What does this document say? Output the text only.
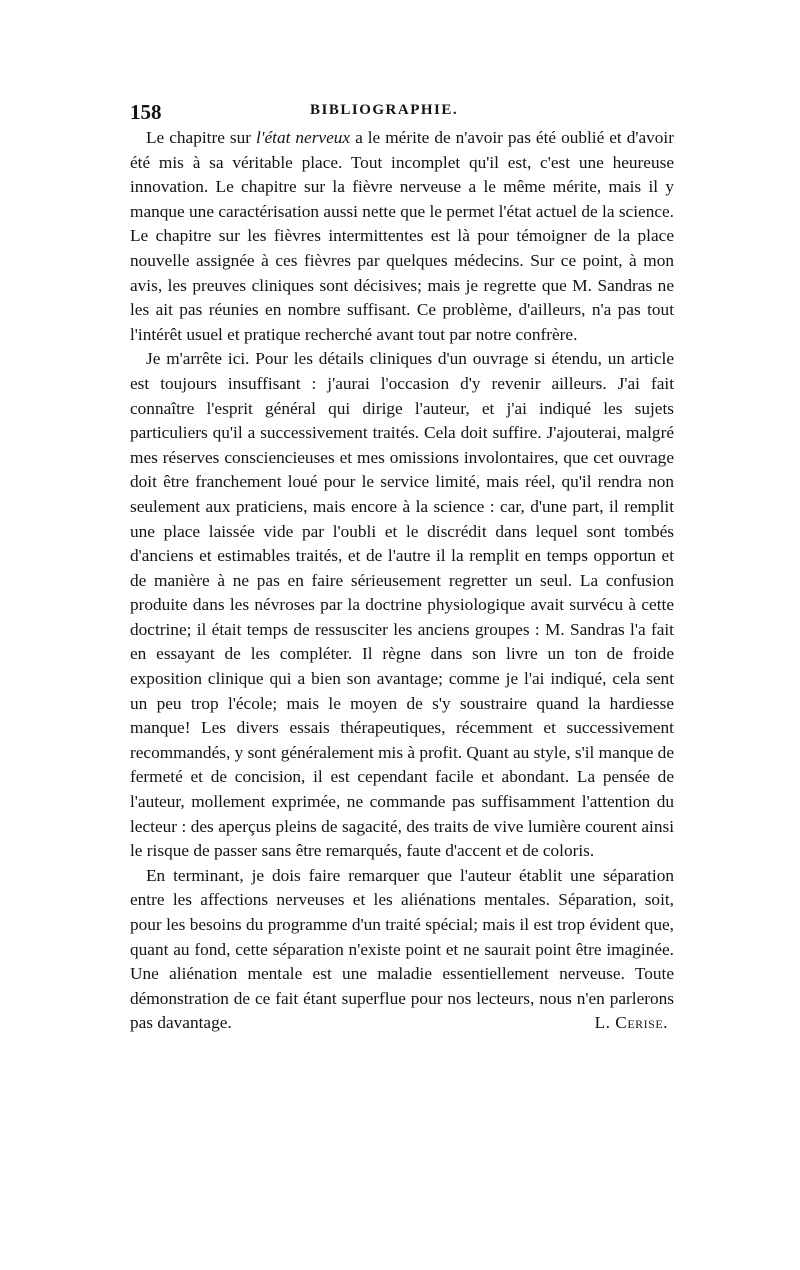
158	BIBLIOGRAPHIE.

Le chapitre sur l'état nerveux a le mérite de n'avoir pas été oublié et d'avoir été mis à sa véritable place. Tout incomplet qu'il est, c'est une heureuse innovation. Le chapitre sur la fièvre nerveuse a le même mérite, mais il y manque une caractérisation aussi nette que le permet l'état actuel de la science. Le chapitre sur les fièvres intermittentes est là pour témoigner de la place nouvelle assignée à ces fièvres par quelques médecins. Sur ce point, à mon avis, les preuves cliniques sont décisives; mais je regrette que M. Sandras ne les ait pas réunies en nombre suffisant. Ce problème, d'ailleurs, n'a pas tout l'intérêt usuel et pratique recherché avant tout par notre confrère.

Je m'arrête ici. Pour les détails cliniques d'un ouvrage si étendu, un article est toujours insuffisant : j'aurai l'occasion d'y revenir ailleurs. J'ai fait connaître l'esprit général qui dirige l'auteur, et j'ai indiqué les sujets particuliers qu'il a successivement traités. Cela doit suffire. J'ajouterai, malgré mes réserves consciencieuses et mes omissions involontaires, que cet ouvrage doit être franchement loué pour le service limité, mais réel, qu'il rendra non seulement aux praticiens, mais encore à la science : car, d'une part, il remplit une place laissée vide par l'oubli et le discrédit dans lequel sont tombés d'anciens et estimables traités, et de l'autre il la remplit en temps opportun et de manière à ne pas en faire sérieusement regretter un seul. La confusion produite dans les névroses par la doctrine physiologique avait survécu à cette doctrine; il était temps de ressusciter les anciens groupes : M. Sandras l'a fait en essayant de les compléter. Il règne dans son livre un ton de froide exposition clinique qui a bien son avantage; comme je l'ai indiqué, cela sent un peu trop l'école; mais le moyen de s'y soustraire quand la hardiesse manque! Les divers essais thérapeutiques, récemment et successivement recommandés, y sont généralement mis à profit. Quant au style, s'il manque de fermeté et de concision, il est cependant facile et abondant. La pensée de l'auteur, mollement exprimée, ne commande pas suffisamment l'attention du lecteur : des aperçus pleins de sagacité, des traits de vive lumière courent ainsi le risque de passer sans être remarqués, faute d'accent et de coloris.

En terminant, je dois faire remarquer que l'auteur établit une séparation entre les affections nerveuses et les aliénations mentales. Séparation, soit, pour les besoins du programme d'un traité spécial; mais il est trop évident que, quant au fond, cette séparation n'existe point et ne saurait point être imaginée. Une aliénation mentale est une maladie essentiellement nerveuse. Toute démonstration de ce fait étant superflue pour nos lecteurs, nous n'en parlerons pas davantage.	L. Cerise.
